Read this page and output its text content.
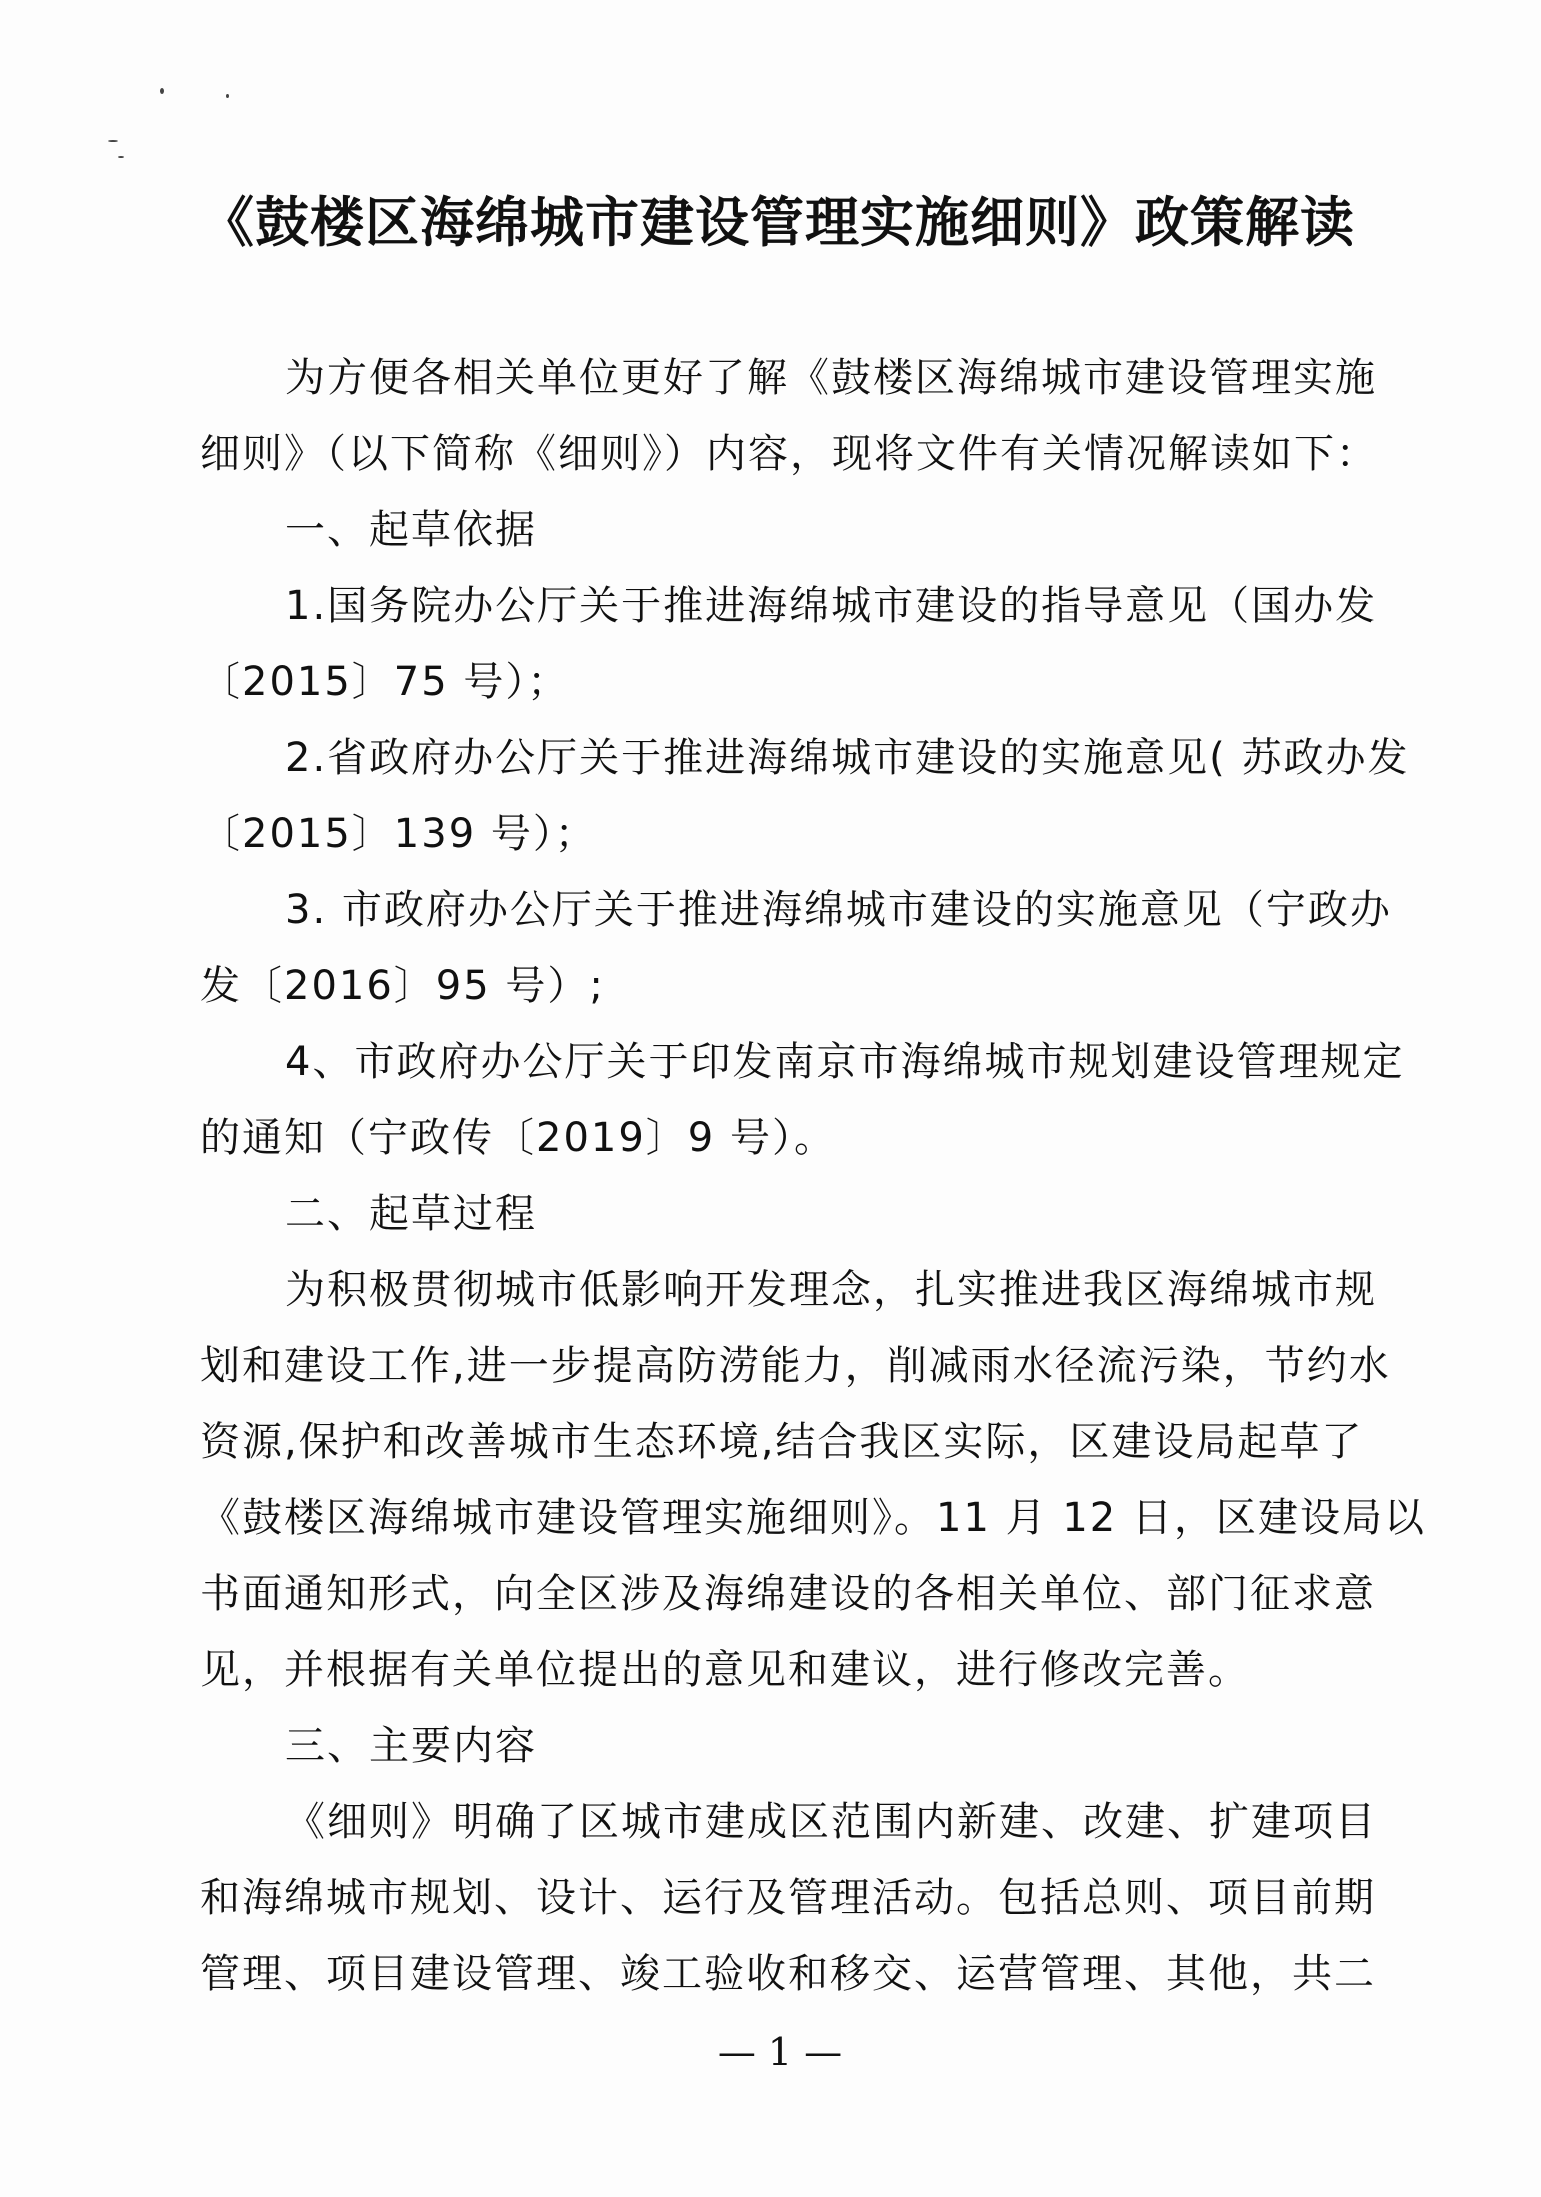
《鼓楼区海绵城市建设管理实施细则》政策解读
为方便各相关单位更好了解《鼓楼区海绵城市建设管理实施
细则》（以下简称《细则》）内容，现将文件有关情况解读如下：
一、起草依据
1.国务院办公厅关于推进海绵城市建设的指导意见（国办发
〔2015〕75 号）；
2.省政府办公厅关于推进海绵城市建设的实施意见( 苏政办发
〔2015〕139 号）；
3. 市政府办公厅关于推进海绵城市建设的实施意见（宁政办
发〔2016〕95 号）;
4、市政府办公厅关于印发南京市海绵城市规划建设管理规定
的通知（宁政传〔2019〕9 号）。
二、起草过程
为积极贯彻城市低影响开发理念，扎实推进我区海绵城市规
划和建设工作,进一步提高防涝能力，削减雨水径流污染，节约水
资源,保护和改善城市生态环境,结合我区实际，区建设局起草了
《鼓楼区海绵城市建设管理实施细则》。11 月 12 日，区建设局以
书面通知形式，向全区涉及海绵建设的各相关单位、部门征求意
见，并根据有关单位提出的意见和建议，进行修改完善。
三、主要内容
《细则》明确了区城市建成区范围内新建、改建、扩建项目
和海绵城市规划、设计、运行及管理活动。包括总则、项目前期
管理、项目建设管理、竣工验收和移交、运营管理、其他，共二
— 1 —
